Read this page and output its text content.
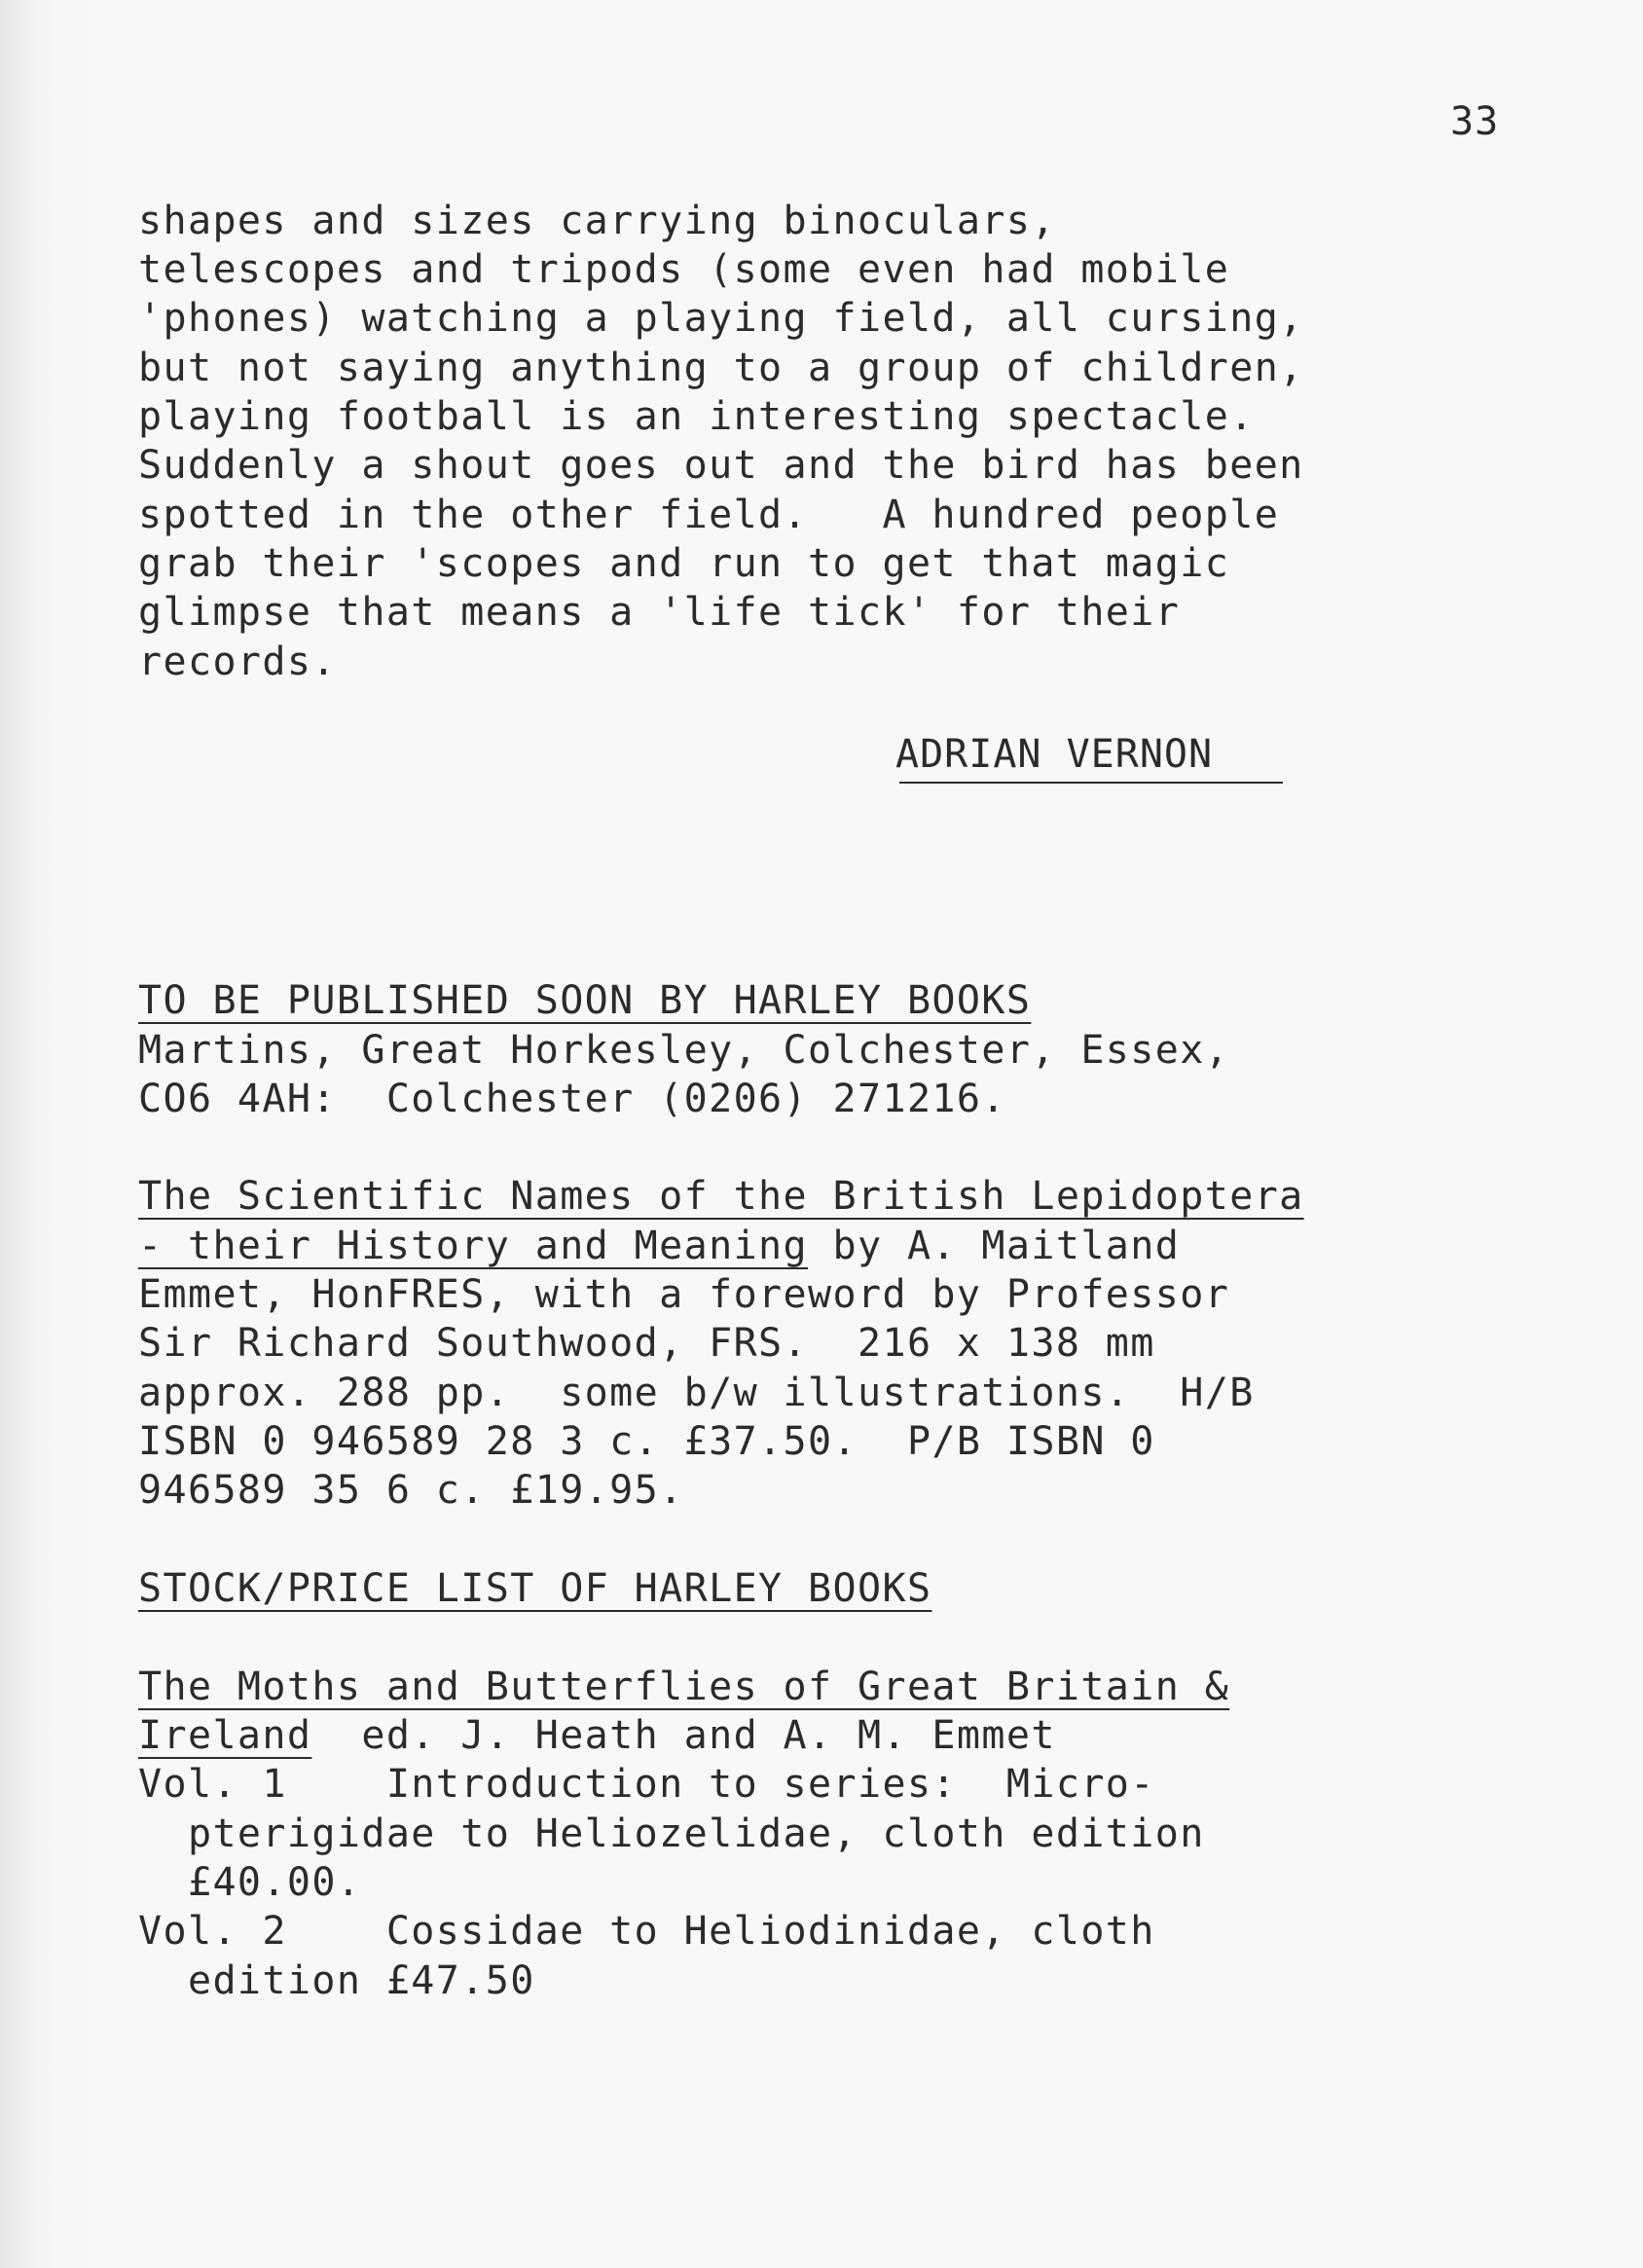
33
shapes and sizes carrying binoculars,
telescopes and tripods (some even had mobile
'phones) watching a playing field, all cursing,
but not saying anything to a group of children,
playing football is an interesting spectacle.
Suddenly a shout goes out and the bird has been
spotted in the other field.   A hundred people
grab their 'scopes and run to get that magic
glimpse that means a 'life tick' for their
records.
ADRIAN VERNON
TO BE PUBLISHED SOON BY HARLEY BOOKS
Martins, Great Horkesley, Colchester, Essex,
CO6 4AH:  Colchester (0206) 271216.
The Scientific Names of the British Lepidoptera
- their History and Meaning by A. Maitland
Emmet, HonFRES, with a foreword by Professor
Sir Richard Southwood, FRS.  216 x 138 mm
approx. 288 pp.  some b/w illustrations.  H/B
ISBN 0 946589 28 3 c. £37.50.  P/B ISBN 0
946589 35 6 c. £19.95.
STOCK/PRICE LIST OF HARLEY BOOKS
The Moths and Butterflies of Great Britain &
Ireland  ed. J. Heath and A. M. Emmet
Vol. 1    Introduction to series:  Micro-
pterigidae to Heliozelidae, cloth edition
£40.00.
Vol. 2    Cossidae to Heliodinidae, cloth
edition £47.50
